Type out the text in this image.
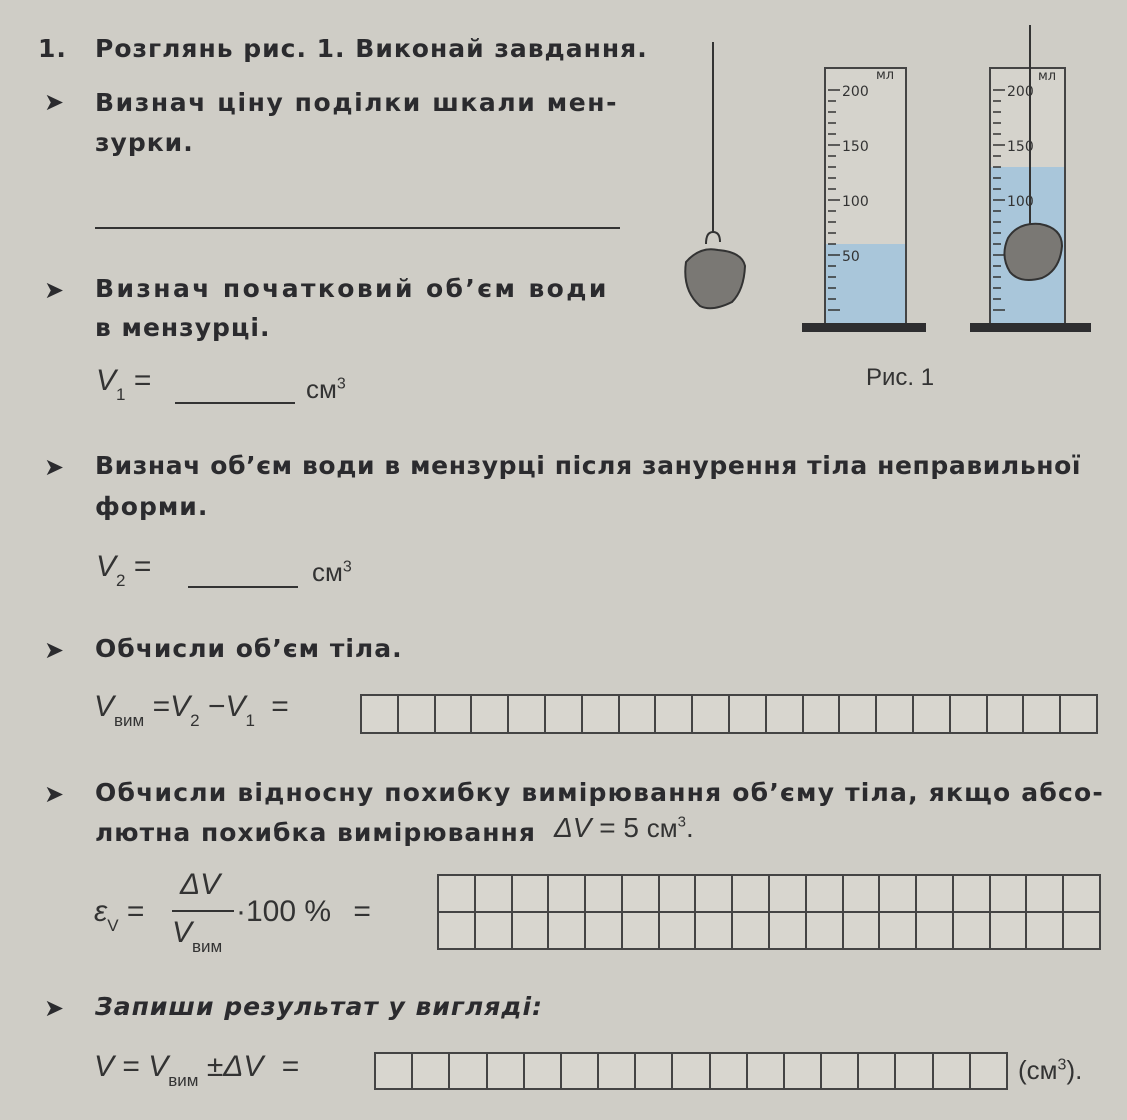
1. Розглянь рис. 1. Виконай завдання.
➤ Визнач ціну поділки шкали мен-
зурки.
➤ Визнач початковий об’єм води
в мензурці.
$V_1$ =	$см^3$
➤ Визнач об’єм води в мензурці після занурення тіла неправильної
форми.
$V_2$ =	$см^3$
➤ Обчисли об’єм тіла.
$V_{вим} =V_2 -V_1$ =
➤ Обчисли відносну похибку вимірювання об’єму тіла, якщо абсо-
лютна похибка вимірювання ΔV = 5 $см^3$.
$\varepsilon_V$ =
ΔV
$V_{вим}$
·100 % =
➤ Запиши результат у вигляді:
$V = V_{вим} \pm\Delta V$ =	$(см^3)$.
мл
200
150
100
50
мл
200
150
100
Рис. 1
